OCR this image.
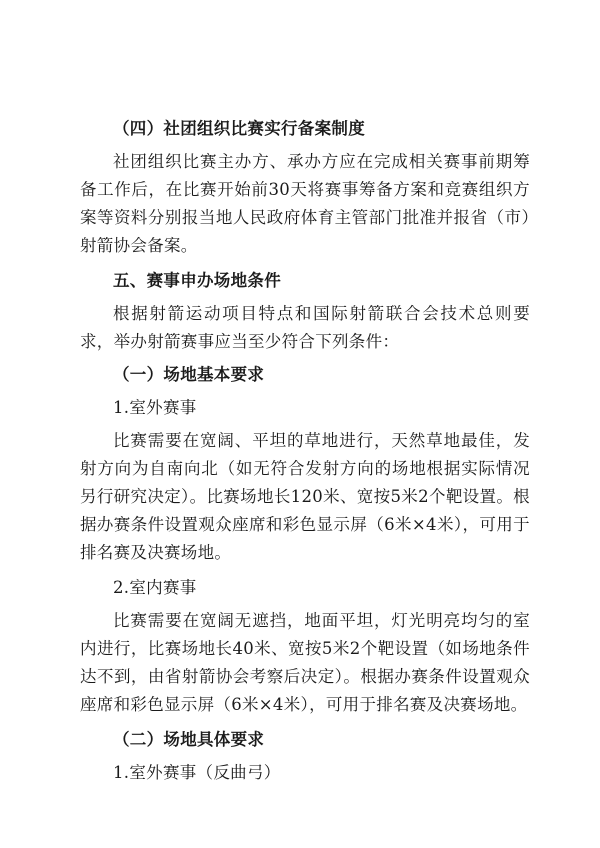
（四）社团组织比赛实行备案制度

社团组织比赛主办方、承办方应在完成相关赛事前期筹备工作后，在比赛开始前30天将赛事筹备方案和竞赛组织方案等资料分别报当地人民政府体育主管部门批准并报省（市）射箭协会备案。

五、赛事申办场地条件

根据射箭运动项目特点和国际射箭联合会技术总则要求，举办射箭赛事应当至少符合下列条件：

（一）场地基本要求

1.室外赛事

比赛需要在宽阔、平坦的草地进行，天然草地最佳，发射方向为自南向北（如无符合发射方向的场地根据实际情况另行研究决定）。比赛场地长120米、宽按5米2个靶设置。根据办赛条件设置观众座席和彩色显示屏（6米×4米），可用于排名赛及决赛场地。

2.室内赛事

比赛需要在宽阔无遮挡，地面平坦，灯光明亮均匀的室内进行，比赛场地长40米、宽按5米2个靶设置（如场地条件达不到，由省射箭协会考察后决定）。根据办赛条件设置观众座席和彩色显示屏（6米×4米），可用于排名赛及决赛场地。

（二）场地具体要求

1.室外赛事（反曲弓）
